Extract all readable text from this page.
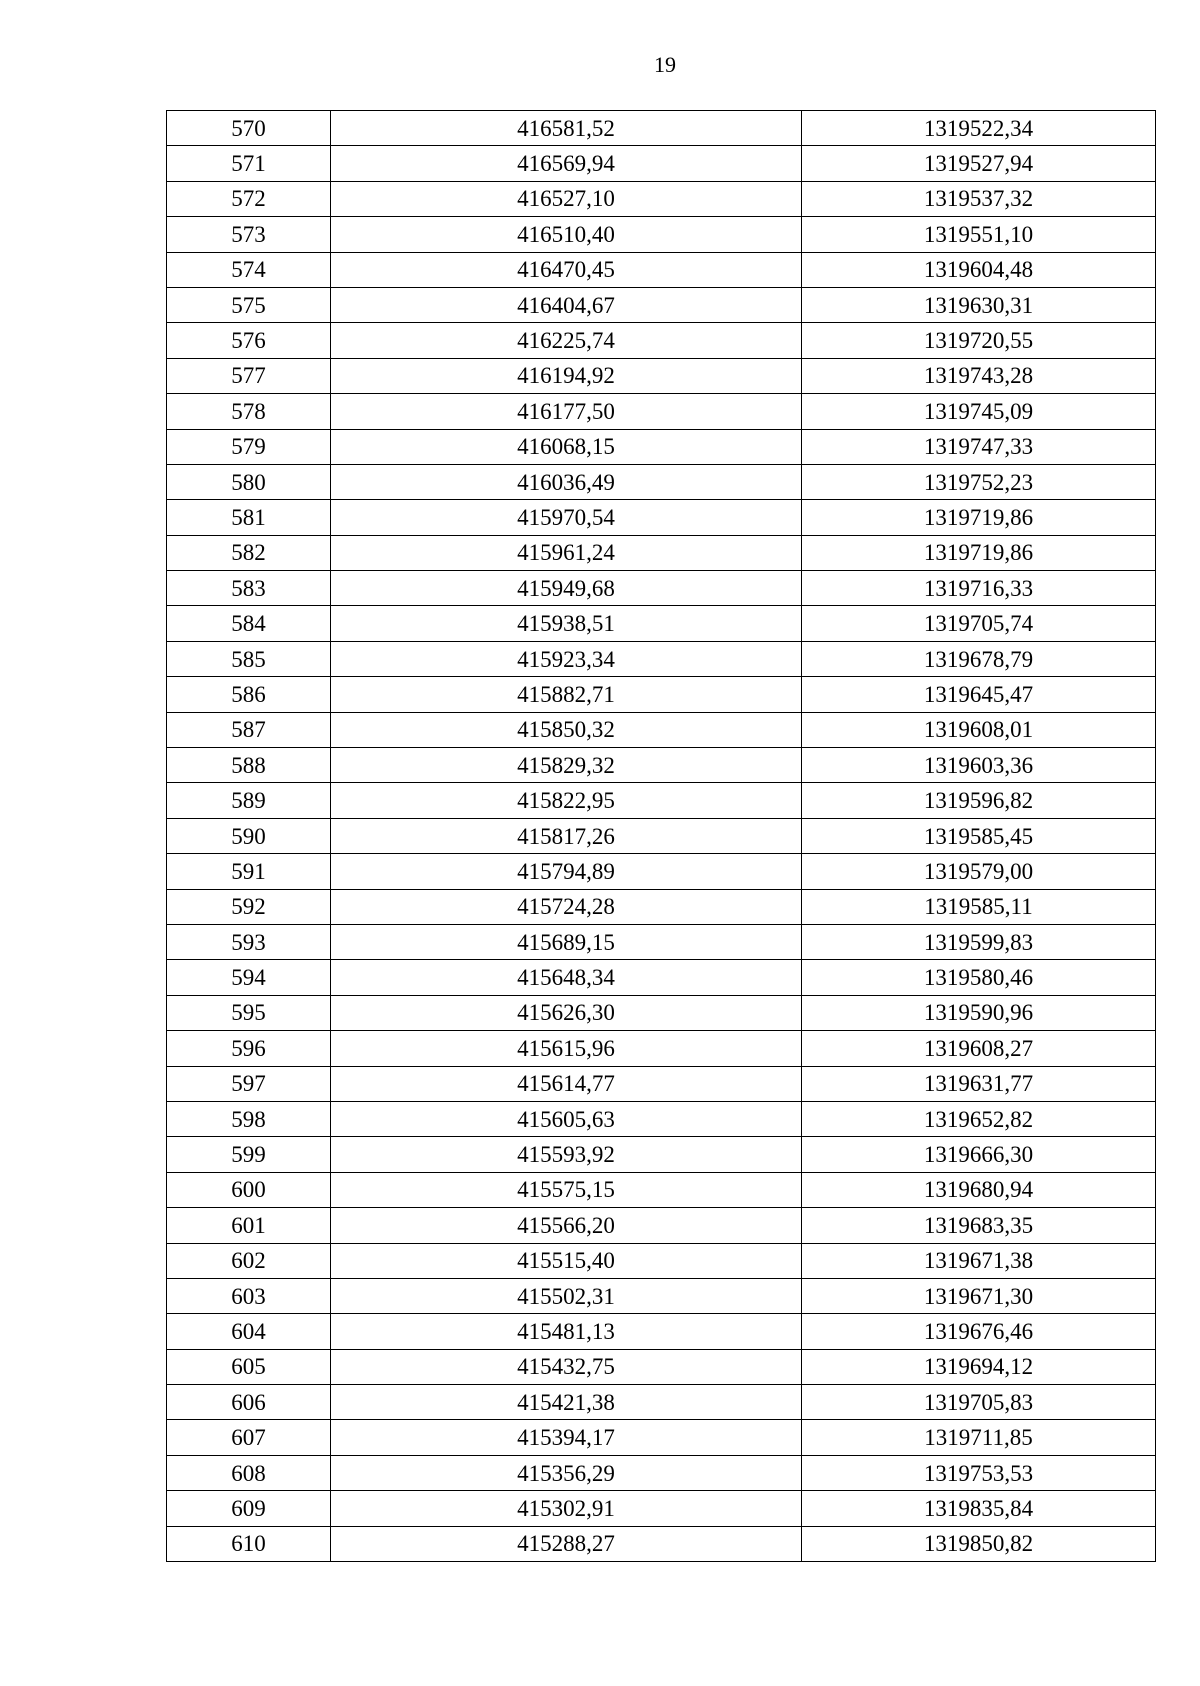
19
570	416581,52	1319522,34
571	416569,94	1319527,94
572	416527,10	1319537,32
573	416510,40	1319551,10
574	416470,45	1319604,48
575	416404,67	1319630,31
576	416225,74	1319720,55
577	416194,92	1319743,28
578	416177,50	1319745,09
579	416068,15	1319747,33
580	416036,49	1319752,23
581	415970,54	1319719,86
582	415961,24	1319719,86
583	415949,68	1319716,33
584	415938,51	1319705,74
585	415923,34	1319678,79
586	415882,71	1319645,47
587	415850,32	1319608,01
588	415829,32	1319603,36
589	415822,95	1319596,82
590	415817,26	1319585,45
591	415794,89	1319579,00
592	415724,28	1319585,11
593	415689,15	1319599,83
594	415648,34	1319580,46
595	415626,30	1319590,96
596	415615,96	1319608,27
597	415614,77	1319631,77
598	415605,63	1319652,82
599	415593,92	1319666,30
600	415575,15	1319680,94
601	415566,20	1319683,35
602	415515,40	1319671,38
603	415502,31	1319671,30
604	415481,13	1319676,46
605	415432,75	1319694,12
606	415421,38	1319705,83
607	415394,17	1319711,85
608	415356,29	1319753,53
609	415302,91	1319835,84
610	415288,27	1319850,82
